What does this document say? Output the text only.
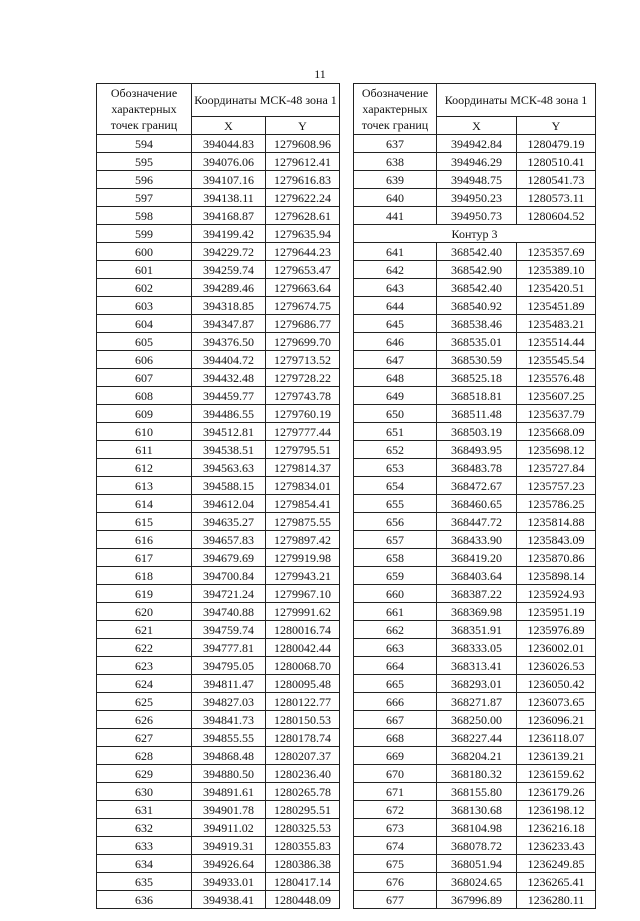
11
Обозначение характерных точек границ	Координаты МСК-48 зона 1	
	X	Y
594	394044.83	1279608.96
595	394076.06	1279612.41
596	394107.16	1279616.83
597	394138.11	1279622.24
598	394168.87	1279628.61
599	394199.42	1279635.94
600	394229.72	1279644.23
601	394259.74	1279653.47
602	394289.46	1279663.64
603	394318.85	1279674.75
604	394347.87	1279686.77
605	394376.50	1279699.70
606	394404.72	1279713.52
607	394432.48	1279728.22
608	394459.77	1279743.78
609	394486.55	1279760.19
610	394512.81	1279777.44
611	394538.51	1279795.51
612	394563.63	1279814.37
613	394588.15	1279834.01
614	394612.04	1279854.41
615	394635.27	1279875.55
616	394657.83	1279897.42
617	394679.69	1279919.98
618	394700.84	1279943.21
619	394721.24	1279967.10
620	394740.88	1279991.62
621	394759.74	1280016.74
622	394777.81	1280042.44
623	394795.05	1280068.70
624	394811.47	1280095.48
625	394827.03	1280122.77
626	394841.73	1280150.53
627	394855.55	1280178.74
628	394868.48	1280207.37
629	394880.50	1280236.40
630	394891.61	1280265.78
631	394901.78	1280295.51
632	394911.02	1280325.53
633	394919.31	1280355.83
634	394926.64	1280386.38
635	394933.01	1280417.14
636	394938.41	1280448.09
Обозначение характерных точек границ	Координаты МСК-48 зона 1	
	X	Y
637	394942.84	1280479.19
638	394946.29	1280510.41
639	394948.75	1280541.73
640	394950.23	1280573.11
441	394950.73	1280604.52
Контур 3		
641	368542.40	1235357.69
642	368542.90	1235389.10
643	368542.40	1235420.51
644	368540.92	1235451.89
645	368538.46	1235483.21
646	368535.01	1235514.44
647	368530.59	1235545.54
648	368525.18	1235576.48
649	368518.81	1235607.25
650	368511.48	1235637.79
651	368503.19	1235668.09
652	368493.95	1235698.12
653	368483.78	1235727.84
654	368472.67	1235757.23
655	368460.65	1235786.25
656	368447.72	1235814.88
657	368433.90	1235843.09
658	368419.20	1235870.86
659	368403.64	1235898.14
660	368387.22	1235924.93
661	368369.98	1235951.19
662	368351.91	1235976.89
663	368333.05	1236002.01
664	368313.41	1236026.53
665	368293.01	1236050.42
666	368271.87	1236073.65
667	368250.00	1236096.21
668	368227.44	1236118.07
669	368204.21	1236139.21
670	368180.32	1236159.62
671	368155.80	1236179.26
672	368130.68	1236198.12
673	368104.98	1236216.18
674	368078.72	1236233.43
675	368051.94	1236249.85
676	368024.65	1236265.41
677	367996.89	1236280.11
